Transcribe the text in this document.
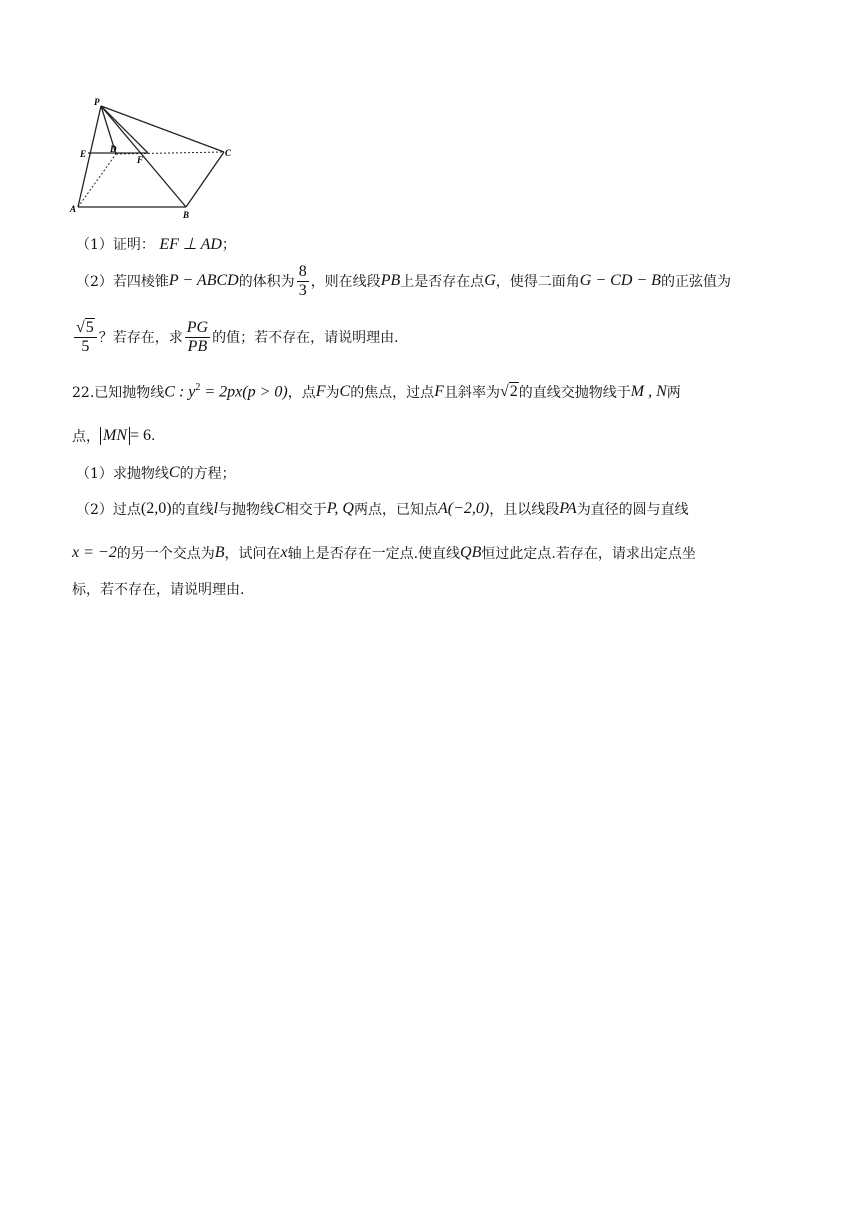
P
E	D
F
C
A
B
（1）证明： EF ⊥ AD；
（2）若四棱锥 P − ABCD 的体积为 $\frac{8}{3}$ ，则在线段 PB 上是否存在点 G ，使得二面角 G − CD − B 的正弦值为
$\frac{√5}{5}$ ？若存在，求 $\frac{PG}{PB}$ 的值；若不存在，请说明理由.
22.已知抛物线 C : $y^2 = 2px(p > 0)$ ，点 F 为 C 的焦点，过点 F 且斜率为 √2 的直线交抛物线于 M , N 两
点， MN = 6 .
（1）求抛物线 C 的方程；
（2）过点 (2,0) 的直线 l 与抛物线 C 相交于 P, Q 两点，已知点 A(−2,0) ，且以线段 PA 为直径的圆与直线
x = −2 的另一个交点为 B ，试问在 x 轴上是否存在一定点.使直线 QB 恒过此定点.若存在，请求出定点坐
标，若不存在，请说明理由.
